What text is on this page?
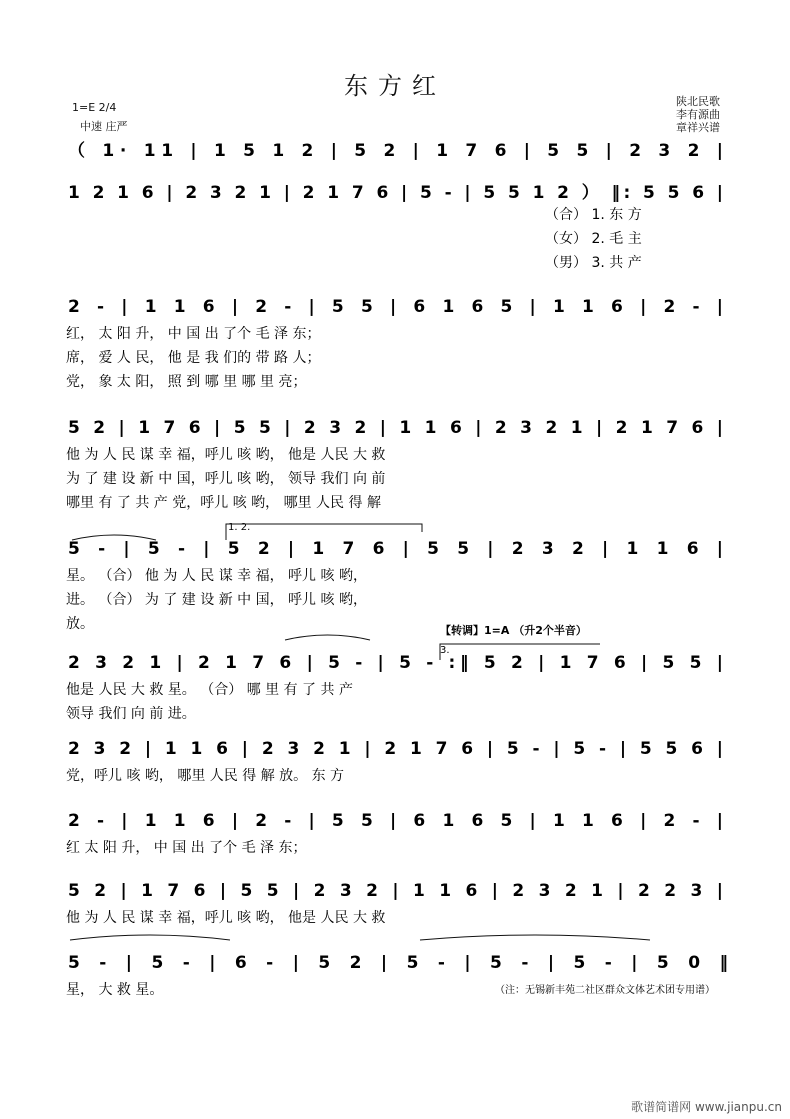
东方红
1=E 2/4
中速 庄严
陕北民歌
李有源曲
章祥兴谱
（ 1· 11 | 1 5 1 2 | 5 2 | 1 7 6 | 5 5 | 2 3 2 |
1 2 1 6 | 2 3 2 1 | 2 1 7 6 | 5 - | 5 5 1 2 ） ‖: 5 5 6 |
（合） 1. 东 方
（女） 2. 毛 主
（男） 3. 共 产
2 - | 1 1 6 | 2 - | 5 5 | 6 1 6 5 | 1 1 6 | 2 - |
红， 太 阳 升， 中 国 出 了个 毛 泽 东；
席， 爱 人 民， 他 是 我 们的 带 路 人；
党， 象 太 阳， 照 到 哪 里 哪 里 亮；
5 2 | 1 7 6 | 5 5 | 2 3 2 | 1 1 6 | 2 3 2 1 | 2 1 7 6 |
他 为 人 民 谋 幸 福，呼儿 咳 哟， 他是 人民 大 救
为 了 建 设 新 中 国，呼儿 咳 哟， 领导 我们 向 前
哪里 有 了 共 产 党，呼儿 咳 哟， 哪里 人民 得 解
5 - | 5 - | 5 2 | 1 7 6 | 5 5 | 2 3 2 | 1 1 6 |
星。 （合） 他 为 人 民 谋 幸 福， 呼儿 咳 哟，
进。 （合） 为 了 建 设 新 中 国， 呼儿 咳 哟，
放。
2 3 2 1 | 2 1 7 6 | 5 - | 5 - :‖ 5 2 | 1 7 6 | 5 5 |
他是 人民 大 救 星。 （合） 哪 里 有 了 共 产
领导 我们 向 前 进。
2 3 2 | 1 1 6 | 2 3 2 1 | 2 1 7 6 | 5 - | 5 - | 5 5 6 |
党，呼儿 咳 哟， 哪里 人民 得 解 放。 东 方
2 - | 1 1 6 | 2 - | 5 5 | 6 1 6 5 | 1 1 6 | 2 - |
红 太 阳 升， 中 国 出 了个 毛 泽 东；
5 2 | 1 7 6 | 5 5 | 2 3 2 | 1 1 6 | 2 3 2 1 | 2 2 3 |
他 为 人 民 谋 幸 福，呼儿 咳 哟， 他是 人民 大 救
5 - | 5 - | 6 - | 5 2 | 5 - | 5 - | 5 - | 5 0 ‖
星， 大 救 星。
1. 2.
【转调】1=A （升2个半音）
3.
（注：无锡新丰苑二社区群众文体艺术团专用谱）
歌谱简谱网 www.jianpu.cn
